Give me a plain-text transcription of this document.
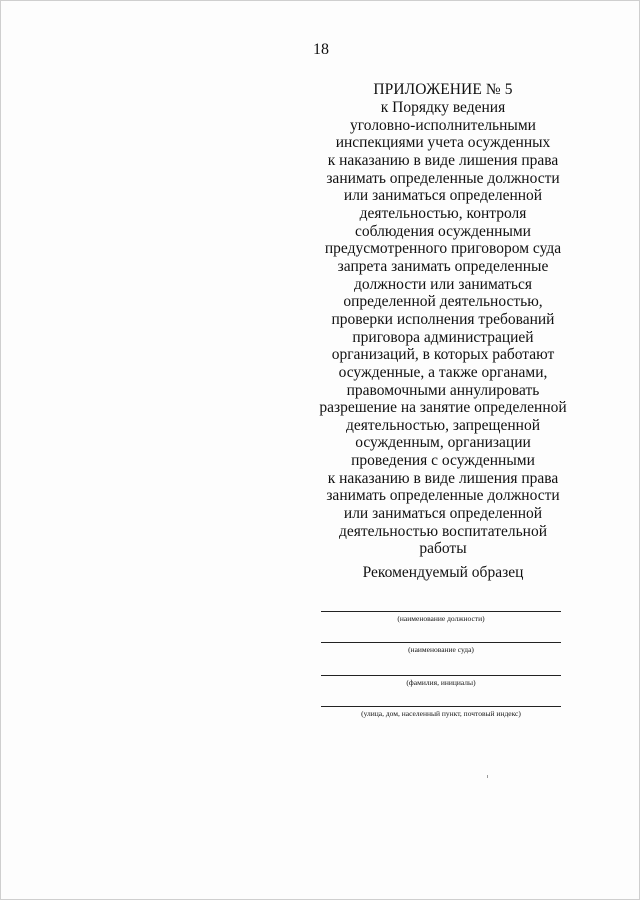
18
ПРИЛОЖЕНИЕ № 5
к Порядку ведения
уголовно-исполнительными
инспекциями учета осужденных
к наказанию в виде лишения права
занимать определенные должности
или заниматься определенной
деятельностью, контроля
соблюдения осужденными
предусмотренного приговором суда
запрета занимать определенные
должности или заниматься
определенной деятельностью,
проверки исполнения требований
приговора администрацией
организаций, в которых работают
осужденные, а также органами,
правомочными аннулировать
разрешение на занятие определенной
деятельностью, запрещенной
осужденным, организации
проведения с осужденными
к наказанию в виде лишения права
занимать определенные должности
или заниматься определенной
деятельностью воспитательной
работы
Рекомендуемый образец
(наименование должности)
(наименование суда)
(фамилия, инициалы)
(улица, дом, населенный пункт, почтовый индекс)
